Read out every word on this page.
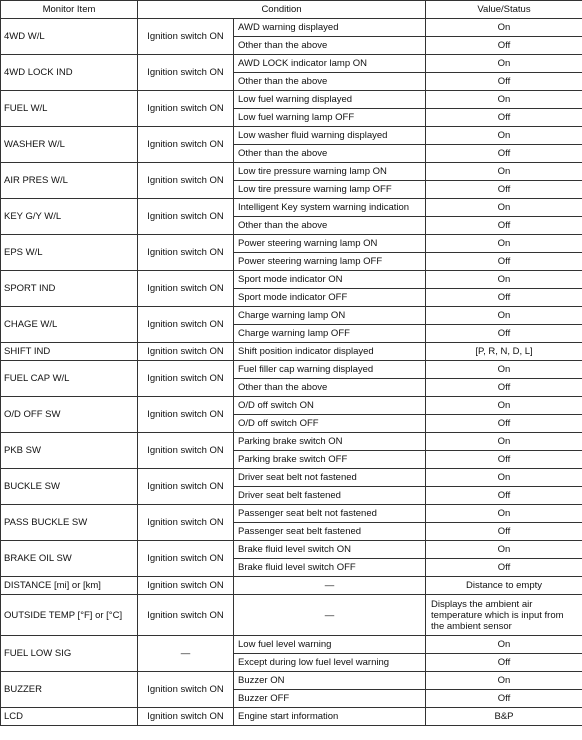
Monitor Item	Condition		Value/Status
4WD W/L	Ignition switch ON	AWD warning displayed	On
		Other than the above	Off
4WD LOCK IND	Ignition switch ON	AWD LOCK indicator lamp ON	On
		Other than the above	Off
FUEL W/L	Ignition switch ON	Low fuel warning displayed	On
		Low fuel warning lamp OFF	Off
WASHER W/L	Ignition switch ON	Low washer fluid warning displayed	On
		Other than the above	Off
AIR PRES W/L	Ignition switch ON	Low tire pressure warning lamp ON	On
		Low tire pressure warning lamp OFF	Off
KEY G/Y W/L	Ignition switch ON	Intelligent Key system warning indication	On
		Other than the above	Off
EPS W/L	Ignition switch ON	Power steering warning lamp ON	On
		Power steering warning lamp OFF	Off
SPORT IND	Ignition switch ON	Sport mode indicator ON	On
		Sport mode indicator OFF	Off
CHAGE W/L	Ignition switch ON	Charge warning lamp ON	On
		Charge warning lamp OFF	Off
SHIFT IND	Ignition switch ON	Shift position indicator displayed	[P, R, N, D, L]
FUEL CAP W/L	Ignition switch ON	Fuel filler cap warning displayed	On
		Other than the above	Off
O/D OFF SW	Ignition switch ON	O/D off switch ON	On
		O/D off switch OFF	Off
PKB SW	Ignition switch ON	Parking brake switch ON	On
		Parking brake switch OFF	Off
BUCKLE SW	Ignition switch ON	Driver seat belt not fastened	On
		Driver seat belt fastened	Off
PASS BUCKLE SW	Ignition switch ON	Passenger seat belt not fastened	On
		Passenger seat belt fastened	Off
BRAKE OIL SW	Ignition switch ON	Brake fluid level switch ON	On
		Brake fluid level switch OFF	Off
DISTANCE [mi] or [km]	Ignition switch ON	—	Distance to empty
OUTSIDE TEMP [°F] or [°C]	Ignition switch ON	—	Displays the ambient air temperature which is input from the ambient sensor
FUEL LOW SIG	—	Low fuel level warning	On
		Except during low fuel level warning	Off
BUZZER	Ignition switch ON	Buzzer ON	On
		Buzzer OFF	Off
LCD	Ignition switch ON	Engine start information	B&P
